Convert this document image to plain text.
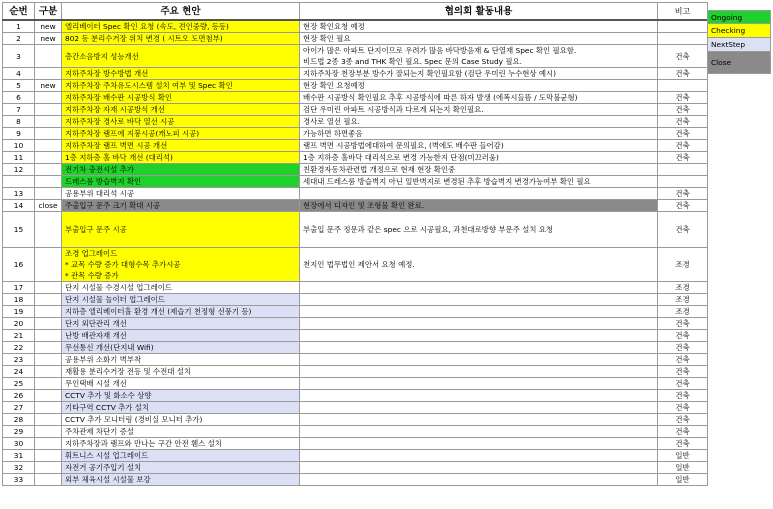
순번	구분	주요 현안	협의회 활동내용	비고
1	new	엘리베이터 Spec 확인 요청 (속도, 견인중량, 등등)	현장 확인요청 예정	
2	new	802 동 분리수거장 위치 변경 ( 시트오 도면첨부)	현장 확인 필요	
3		층간소음방지 성능개선	아이가 많은 아파트 단지이므로 우려가 많음 바닥방음재 & 단열재 Spec 확인 필요함.
비드법 2종 3종 and THK 확인 필요. Spec 문의 Case Study 필요.	건축
4		지하주차장 방수방법 개선	지하주차장 천장부분 방수가 잘되는지 확인필요함 (검단 우미린 누수현상 예시)	건축
5	new	지하주차장 주차유도시스템 설치 여부 및 Spec 확인	현장 확인 요청예정	
6		지하주차장 배수판 시공방식 확인	배수판 시공방식 확인필요 추후 시공방식에 따른 하자 발생 (에폭시들뜸 / 도막불균형)	건축
7		지하주차장 자재 시공방식 개선	검단 우미린 아파트 시공방식과 다르게 되는지 확인필요.	건축
8		지하주차장 경사로 바닥 열선 시공	경사로 열선 필요.	건축
9		지하주차장 램프에 지붕시공(캐노피 시공)	가능하면 하면좋음	건축
10		지하주차장 램프 벽면 시공 개선	램프 벽면 시공방법에대하여 문의필요, (벽에도 배수판 들어감)	건축
11		1층 지하층 홀 바닥 개선 (대리석)	1층 지하층 홀바닥 대리석으로 변경 가능한지 단점(미끄러움)	건축
12		전기차 충전시설 추가	친환경자동차관련법 개정으로 현재 현장 확인중	
		드레스룸 방습벽지 확인	세대내 드레스룸 방습벽지 아닌 일반벽지로 변경된 추후 방습벽지 변경가능여부 확인 필요	
13		공용부위 대리석 시공		건축
14	close	주출입구 문주 크기 확대 시공	현장에서 디자인 및 조형물 확인 완료.	건축
15		부출입구 문주 시공	부출입 문주 정문과 같은 spec 으로 시공필요, 과천대로방향 부문주 설치 요청	건축
16		조경 업그레이드
* 교목 수량 증가 대형수목 추가시공
* 관목 수량 증가	천지인 법무법인 제안서 요청 예정.	조경
17		단지 시설물 수경시설 업그레이드		조경
18		단지 시설물 놀이터 업그레이드		조경
19		지하층 엘리베이터홀 환경 개선 (제습기 천정형 선풍기 등)		조경
20		단지 외단관리 개선		건축
21		난방 배관자재 개선		건축
22		무선통신 개선(단지내 Wifi)		건축
23		공용부위 소화기 벽부착		건축
24		재활용 분리수거장 전등 및 수전대 설치		건축
25		무인택배 시설 개선		건축
26		CCTV 추가 및 화소수 상향		건축
27		기타구역 CCTV 추가 설치		건축
28		CCTV 추가 모니터링 (경비실 모니터 추가)		건축
29		주차관제 차단기 증설		건축
30		지하주차장과 램프와 만나는 구간 안전 휀스 설치		건축
31		휘트니스 시설 업그레이드		일반
32		자전거 공기주입기 설치		일반
33		외부 체육시설 시설물 보강		일반
Ongoing
Checking
NextStep
Close
